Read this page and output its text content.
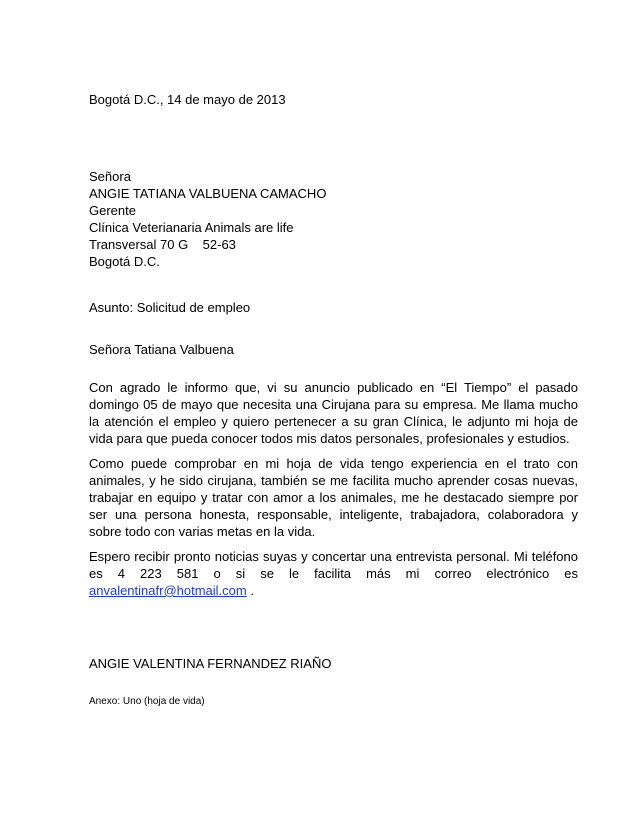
Bogotá D.C., 14 de mayo de 2013
Señora
ANGIE TATIANA VALBUENA CAMACHO
Gerente
Clínica Veterianaria Animals are life
Transversal 70 G    52-63
Bogotá D.C.
Asunto: Solicitud de empleo
Señora Tatiana Valbuena
Con agrado le informo que, vi su anuncio publicado en “El Tiempo” el pasado domingo 05 de mayo que necesita una Cirujana para su empresa. Me llama mucho la atención el empleo y quiero pertenecer a su gran Clínica, le adjunto mi hoja de vida para que pueda conocer todos mis datos personales, profesionales y estudios.
Como puede comprobar en mi hoja de vida tengo experiencia en el trato con animales, y he sido cirujana, también se me facilita mucho aprender cosas nuevas, trabajar en equipo y tratar con amor a los animales, me he destacado siempre por ser una persona honesta, responsable, inteligente, trabajadora, colaboradora y sobre todo con varias metas en la vida.
Espero recibir pronto noticias suyas y concertar una entrevista personal. Mi teléfono es 4 223 581 o si se le facilita más mi correo electrónico es anvalentinafr@hotmail.com .
ANGIE VALENTINA FERNANDEZ RIAÑO
Anexo: Uno (hoja de vida)
